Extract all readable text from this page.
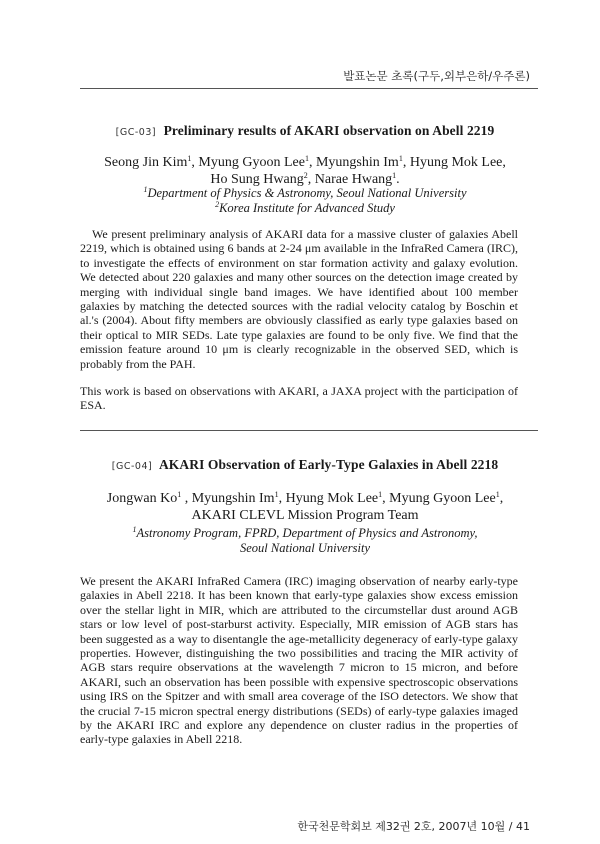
발표논문 초록(구두,외부은하/우주론)
[GC-03] Preliminary results of AKARI observation on Abell 2219
Seong Jin Kim$^1$, Myung Gyoon Lee$^1$, Myungshin Im$^1$, Hyung Mok Lee,
Ho Sung Hwang$^2$, Narae Hwang$^1$.
$^1$Department of Physics & Astronomy, Seoul National University
$^2$Korea Institute for Advanced Study

We present preliminary analysis of AKARI data for a massive cluster of galaxies Abell 2219, which is obtained using 6 bands at 2-24 μm available in the InfraRed Camera (IRC), to investigate the effects of environment on star formation activity and galaxy evolution. We detected about 220 galaxies and many other sources on the detection image created by merging with individual single band images. We have identified about 100 member galaxies by matching the detected sources with the radial velocity catalog by Boschin et al.'s (2004). About fifty members are obviously classified as early type galaxies based on their optical to MIR SEDs. Late type galaxies are found to be only five. We find that the emission feature around 10 μm is clearly recognizable in the observed SED, which is probably from the PAH.

This work is based on observations with AKARI, a JAXA project with the participation of ESA.

[GC-04] AKARI Observation of Early-Type Galaxies in Abell 2218
Jongwan Ko$^1$ , Myungshin Im$^1$, Hyung Mok Lee$^1$, Myung Gyoon Lee$^1$,
AKARI CLEVL Mission Program Team
$^1$Astronomy Program, FPRD, Department of Physics and Astronomy,
Seoul National University

We present the AKARI InfraRed Camera (IRC) imaging observation of nearby early-type galaxies in Abell 2218. It has been known that early-type galaxies show excess emission over the stellar light in MIR, which are attributed to the circumstellar dust around AGB stars or low level of post-starburst activity. Especially, MIR emission of AGB stars has been suggested as a way to disentangle the age-metallicity degeneracy of early-type galaxy properties. However, distinguishing the two possibilities and tracing the MIR activity of AGB stars require observations at the wavelength 7 micron to 15 micron, and before AKARI, such an observation has been possible with expensive spectroscopic observations using IRS on the Spitzer and with small area coverage of the ISO detectors. We show that the crucial 7-15 micron spectral energy distributions (SEDs) of early-type galaxies imaged by the AKARI IRC and explore any dependence on cluster radius in the properties of early-type galaxies in Abell 2218.

한국천문학회보 제32권 2호, 2007년 10월 / 41
